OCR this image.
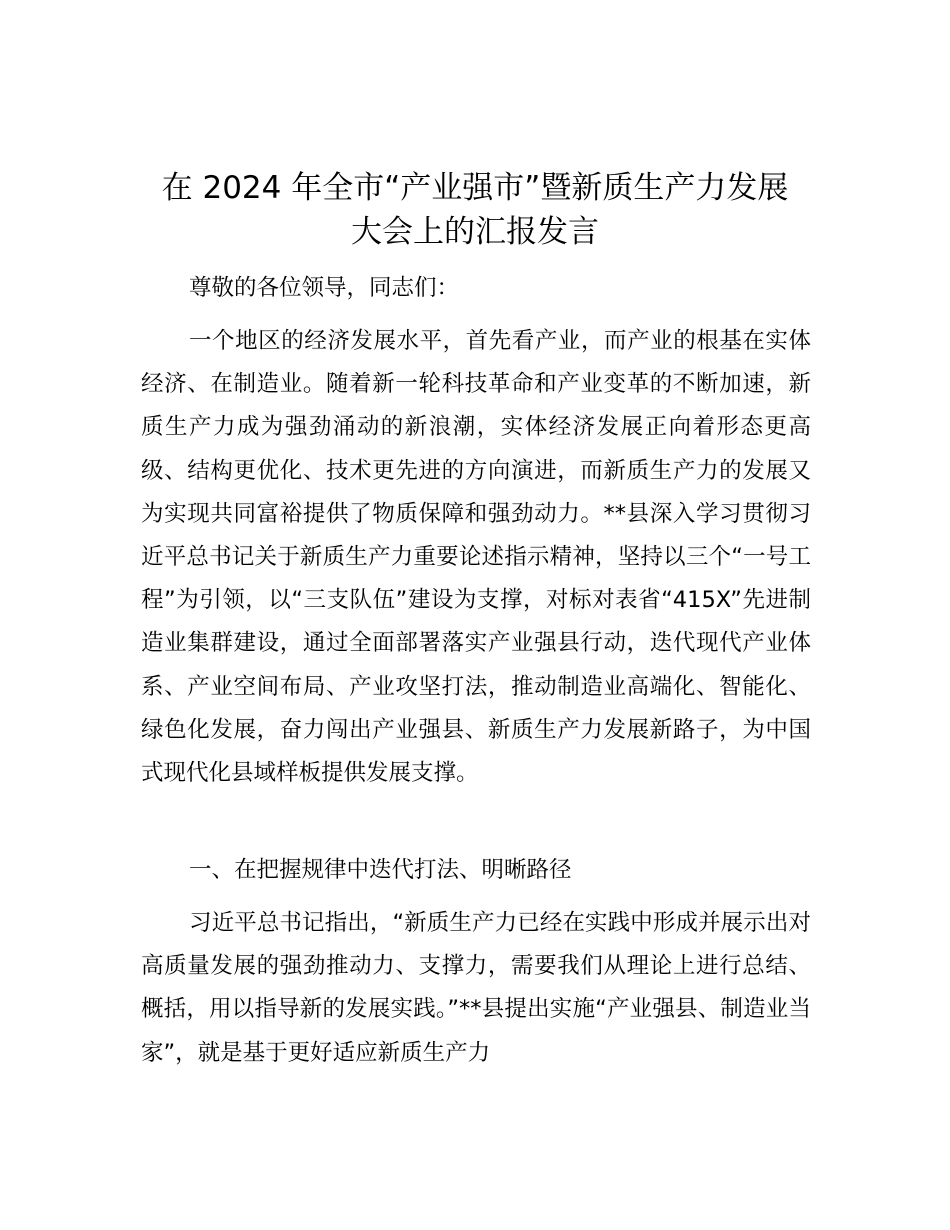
在 2024 年全市“产业强市”暨新质生产力发展
大会上的汇报发言

尊敬的各位领导，同志们：

一个地区的经济发展水平，首先看产业，而产业的根基在实体经济、在制造业。随着新一轮科技革命和产业变革的不断加速，新质生产力成为强劲涌动的新浪潮，实体经济发展正向着形态更高级、结构更优化、技术更先进的方向演进，而新质生产力的发展又为实现共同富裕提供了物质保障和强劲动力。**县深入学习贯彻习近平总书记关于新质生产力重要论述指示精神，坚持以三个“一号工程”为引领，以“三支队伍”建设为支撑，对标对表省“415X”先进制造业集群建设，通过全面部署落实产业强县行动，迭代现代产业体系、产业空间布局、产业攻坚打法，推动制造业高端化、智能化、绿色化发展，奋力闯出产业强县、新质生产力发展新路子，为中国式现代化县域样板提供发展支撑。

一、在把握规律中迭代打法、明晰路径

习近平总书记指出，“新质生产力已经在实践中形成并展示出对高质量发展的强劲推动力、支撑力，需要我们从理论上进行总结、概括，用以指导新的发展实践。”**县提出实施“产业强县、制造业当家”，就是基于更好适应新质生产力
